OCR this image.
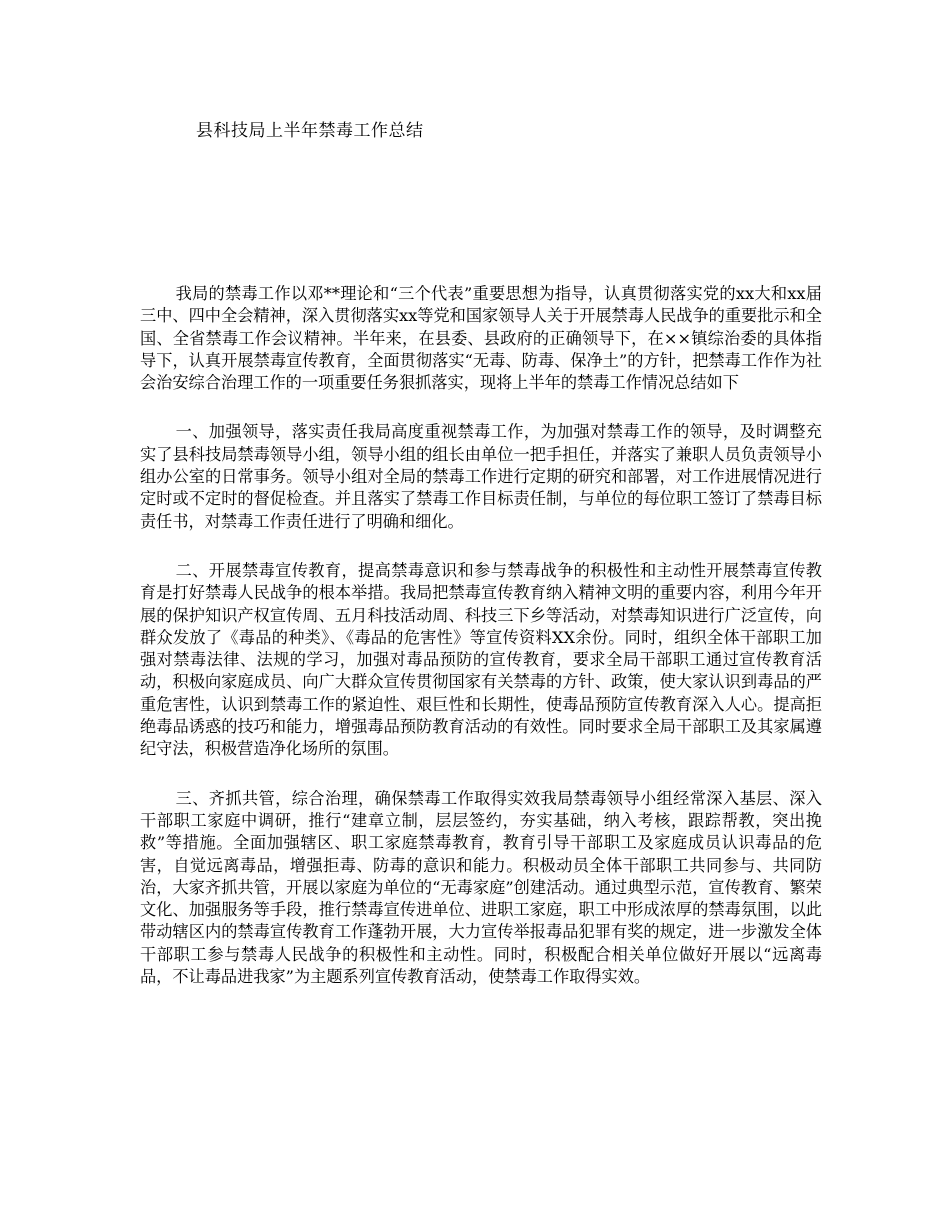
县科技局上半年禁毒工作总结

我局的禁毒工作以邓**理论和“三个代表”重要思想为指导，认真贯彻落实党的xx大和xx届三中、四中全会精神，深入贯彻落实xx等党和国家领导人关于开展禁毒人民战争的重要批示和全国、全省禁毒工作会议精神。半年来，在县委、县政府的正确领导下，在××镇综治委的具体指导下，认真开展禁毒宣传教育，全面贯彻落实“无毒、防毒、保净土”的方针，把禁毒工作作为社会治安综合治理工作的一项重要任务狠抓落实，现将上半年的禁毒工作情况总结如下

一、加强领导，落实责任我局高度重视禁毒工作，为加强对禁毒工作的领导，及时调整充实了县科技局禁毒领导小组，领导小组的组长由单位一把手担任，并落实了兼职人员负责领导小组办公室的日常事务。领导小组对全局的禁毒工作进行定期的研究和部署，对工作进展情况进行定时或不定时的督促检查。并且落实了禁毒工作目标责任制，与单位的每位职工签订了禁毒目标责任书，对禁毒工作责任进行了明确和细化。

二、开展禁毒宣传教育，提高禁毒意识和参与禁毒战争的积极性和主动性开展禁毒宣传教育是打好禁毒人民战争的根本举措。我局把禁毒宣传教育纳入精神文明的重要内容，利用今年开展的保护知识产权宣传周、五月科技活动周、科技三下乡等活动，对禁毒知识进行广泛宣传，向群众发放了《毒品的种类》、《毒品的危害性》等宣传资料XX余份。同时，组织全体干部职工加强对禁毒法律、法规的学习，加强对毒品预防的宣传教育，要求全局干部职工通过宣传教育活动，积极向家庭成员、向广大群众宣传贯彻国家有关禁毒的方针、政策，使大家认识到毒品的严重危害性，认识到禁毒工作的紧迫性、艰巨性和长期性，使毒品预防宣传教育深入人心。提高拒绝毒品诱惑的技巧和能力，增强毒品预防教育活动的有效性。同时要求全局干部职工及其家属遵纪守法，积极营造净化场所的氛围。

三、齐抓共管，综合治理，确保禁毒工作取得实效我局禁毒领导小组经常深入基层、深入干部职工家庭中调研，推行“建章立制，层层签约，夯实基础，纳入考核，跟踪帮教，突出挽救”等措施。全面加强辖区、职工家庭禁毒教育，教育引导干部职工及家庭成员认识毒品的危害，自觉远离毒品，增强拒毒、防毒的意识和能力。积极动员全体干部职工共同参与、共同防治，大家齐抓共管，开展以家庭为单位的“无毒家庭”创建活动。通过典型示范，宣传教育、繁荣文化、加强服务等手段，推行禁毒宣传进单位、进职工家庭，职工中形成浓厚的禁毒氛围，以此带动辖区内的禁毒宣传教育工作蓬勃开展，大力宣传举报毒品犯罪有奖的规定，进一步激发全体干部职工参与禁毒人民战争的积极性和主动性。同时，积极配合相关单位做好开展以“远离毒品，不让毒品进我家”为主题系列宣传教育活动，使禁毒工作取得实效。
